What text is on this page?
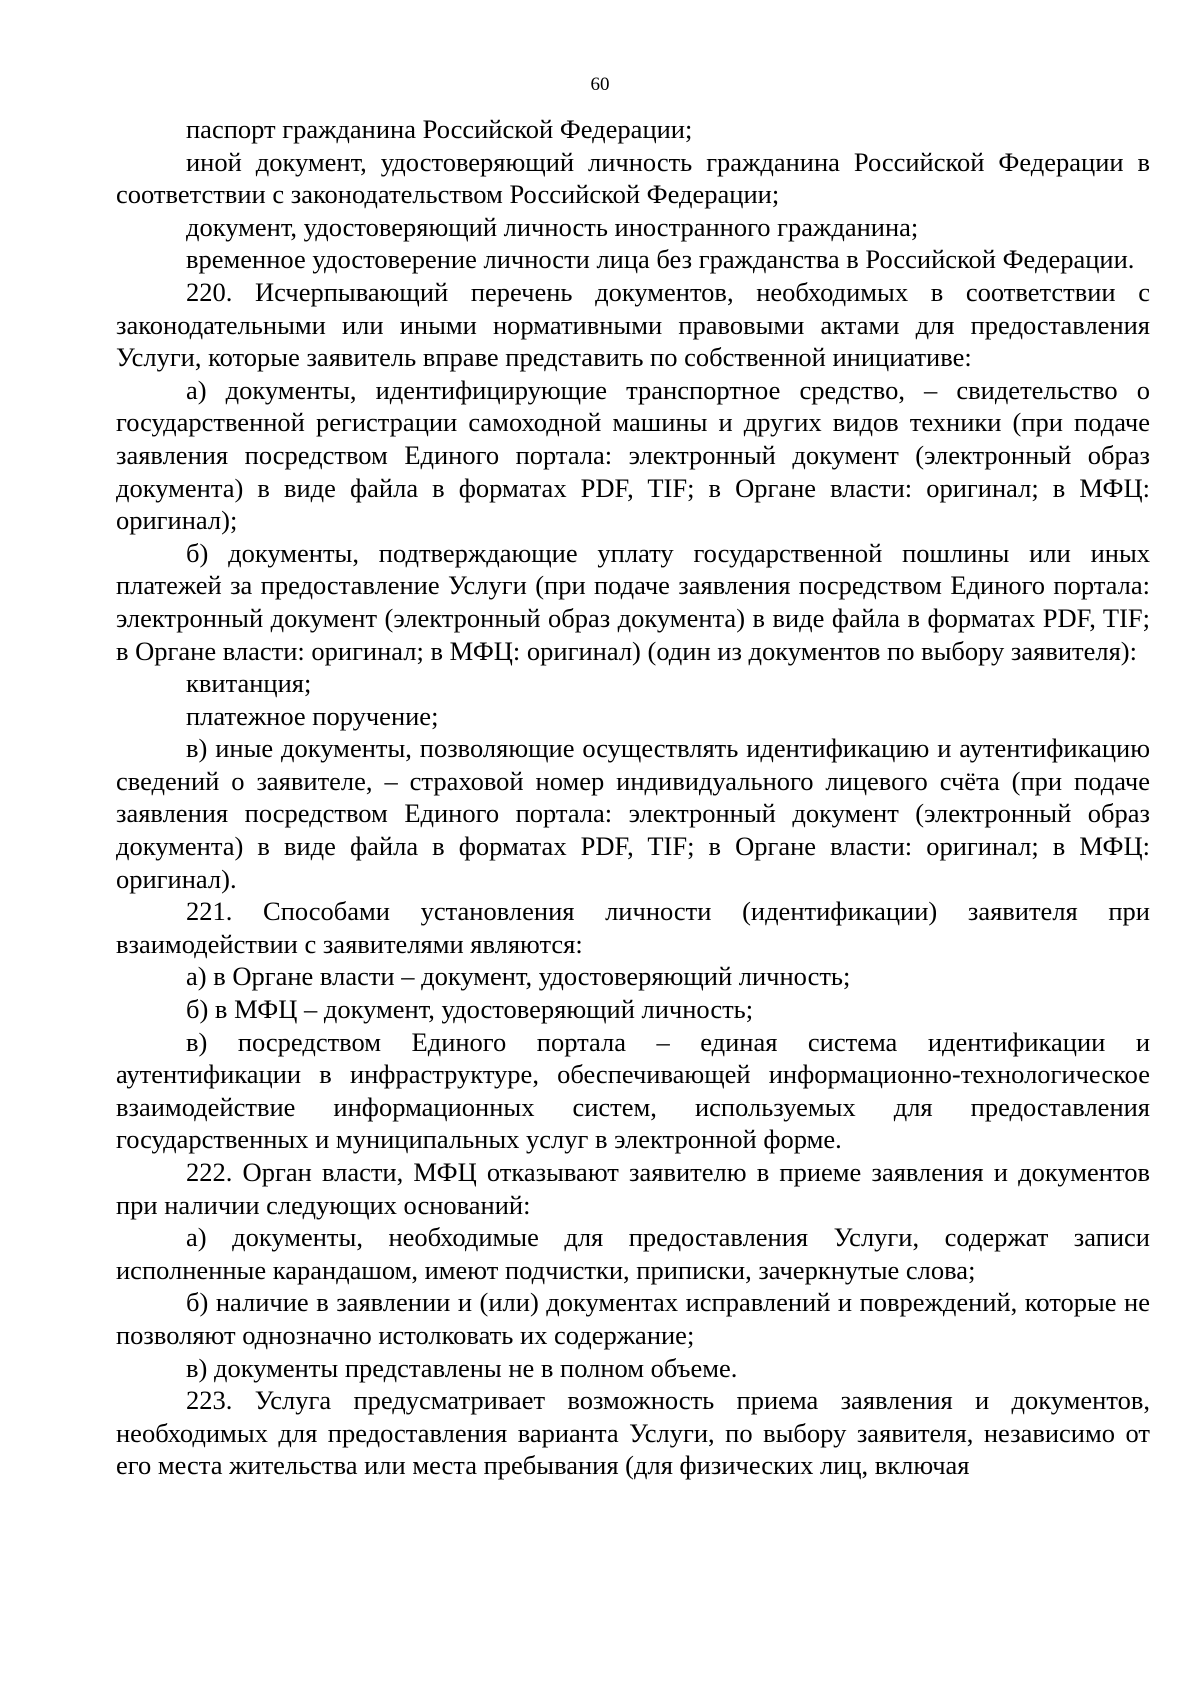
60

паспорт гражданина Российской Федерации;

иной документ, удостоверяющий личность гражданина Российской Федерации в соответствии с законодательством Российской Федерации;

документ, удостоверяющий личность иностранного гражданина;

временное удостоверение личности лица без гражданства в Российской Федерации.

220. Исчерпывающий перечень документов, необходимых в соответствии с законодательными или иными нормативными правовыми актами для предоставления Услуги, которые заявитель вправе представить по собственной инициативе:

а) документы, идентифицирующие транспортное средство, – свидетельство о государственной регистрации самоходной машины и других видов техники (при подаче заявления посредством Единого портала: электронный документ (электронный образ документа) в виде файла в форматах PDF, TIF; в Органе власти: оригинал; в МФЦ: оригинал);

б) документы, подтверждающие уплату государственной пошлины или иных платежей за предоставление Услуги (при подаче заявления посредством Единого портала: электронный документ (электронный образ документа) в виде файла в форматах PDF, TIF; в Органе власти: оригинал; в МФЦ: оригинал) (один из документов по выбору заявителя):

квитанция;

платежное поручение;

в) иные документы, позволяющие осуществлять идентификацию и аутентификацию сведений о заявителе, – страховой номер индивидуального лицевого счёта (при подаче заявления посредством Единого портала: электронный документ (электронный образ документа) в виде файла в форматах PDF, TIF; в Органе власти: оригинал; в МФЦ: оригинал).

221. Способами установления личности (идентификации) заявителя при взаимодействии с заявителями являются:

а) в Органе власти – документ, удостоверяющий личность;

б) в МФЦ – документ, удостоверяющий личность;

в) посредством Единого портала – единая система идентификации и аутентификации в инфраструктуре, обеспечивающей информационно-технологическое взаимодействие информационных систем, используемых для предоставления государственных и муниципальных услуг в электронной форме.

222. Орган власти, МФЦ отказывают заявителю в приеме заявления и документов при наличии следующих оснований:

а) документы, необходимые для предоставления Услуги, содержат записи исполненные карандашом, имеют подчистки, приписки, зачеркнутые слова;

б) наличие в заявлении и (или) документах исправлений и повреждений, которые не позволяют однозначно истолковать их содержание;

в) документы представлены не в полном объеме.

223. Услуга предусматривает возможность приема заявления и документов, необходимых для предоставления варианта Услуги, по выбору заявителя, независимо от его места жительства или места пребывания (для физических лиц, включая
